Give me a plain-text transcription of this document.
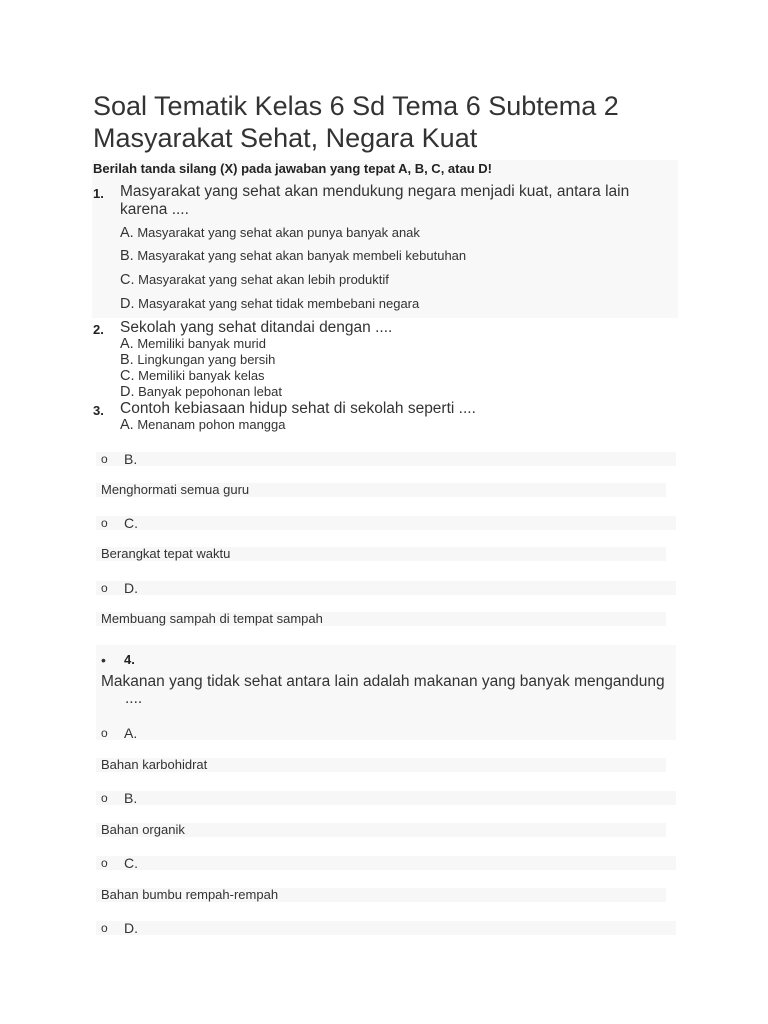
Soal Tematik Kelas 6 Sd Tema 6 Subtema 2 Masyarakat Sehat, Negara Kuat
Berilah tanda silang (X) pada jawaban yang tepat A, B, C, atau D!
1. Masyarakat yang sehat akan mendukung negara menjadi kuat, antara lain karena ....
A. Masyarakat yang sehat akan punya banyak anak
B. Masyarakat yang sehat akan banyak membeli kebutuhan
C. Masyarakat yang sehat akan lebih produktif
D. Masyarakat yang sehat tidak membebani negara
2. Sekolah yang sehat ditandai dengan ....
A. Memiliki banyak murid
B. Lingkungan yang bersih
C. Memiliki banyak kelas
D. Banyak pepohonan lebat
3. Contoh kebiasaan hidup sehat di sekolah seperti ....
A. Menanam pohon mangga
o B.
Menghormati semua guru
o C.
Berangkat tepat waktu
o D.
Membuang sampah di tempat sampah
• 4.
Makanan yang tidak sehat antara lain adalah makanan yang banyak mengandung
....
o A.
Bahan karbohidrat
o B.
Bahan organik
o C.
Bahan bumbu rempah-rempah
o D.
